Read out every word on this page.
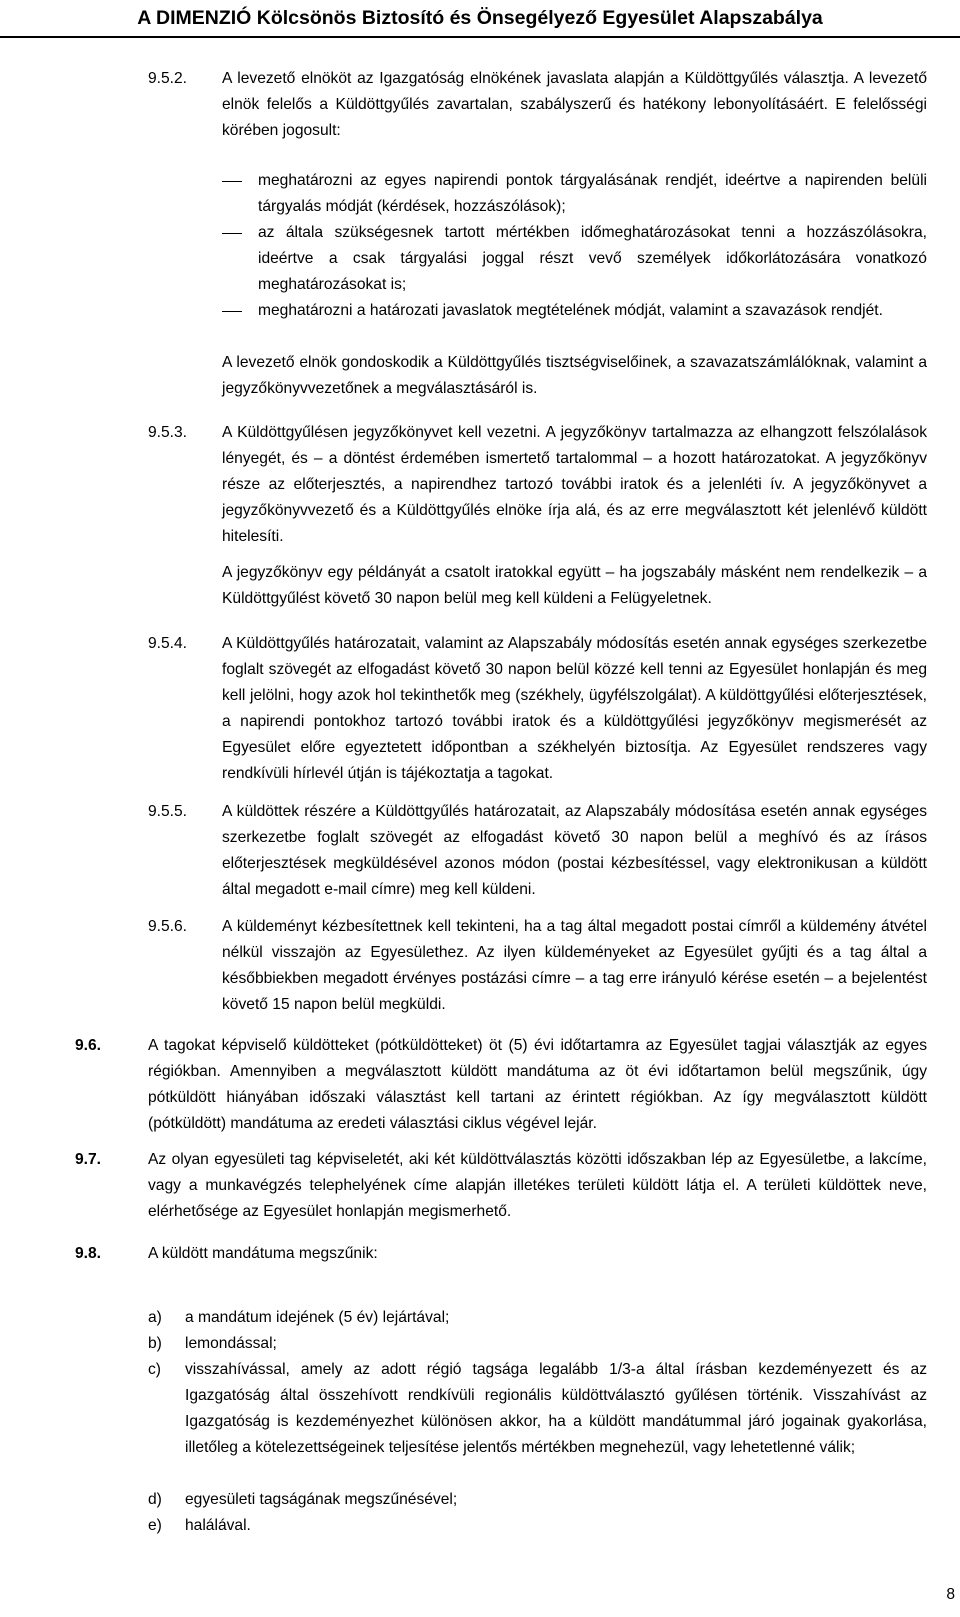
A DIMENZIÓ Kölcsönös Biztosító és Önsegélyező Egyesület Alapszabálya
9.5.2. A levezető elnököt az Igazgatóság elnökének javaslata alapján a Küldöttgyűlés választja. A levezető elnök felelős a Küldöttgyűlés zavartalan, szabályszerű és hatékony lebonyolításáért. E felelősségi körében jogosult:
meghatározni az egyes napirendi pontok tárgyalásának rendjét, ideértve a napirenden belüli tárgyalás módját (kérdések, hozzászólások);
az általa szükségesnek tartott mértékben időmeghatározásokat tenni a hozzászólásokra, ideértve a csak tárgyalási joggal részt vevő személyek időkorlátozására vonatkozó meghatározásokat is;
meghatározni a határozati javaslatok megtételének módját, valamint a szavazások rendjét.
A levezető elnök gondoskodik a Küldöttgyűlés tisztségviselőinek, a szavazatszámlálóknak, valamint a jegyzőkönyvvezetőnek a megválasztásáról is.
9.5.3. A Küldöttgyűlésen jegyzőkönyvet kell vezetni. A jegyzőkönyv tartalmazza az elhangzott felszólalások lényegét, és – a döntést érdemében ismertető tartalommal – a hozott határozatokat. A jegyzőkönyv része az előterjesztés, a napirendhez tartozó további iratok és a jelenléti ív. A jegyzőkönyvet a jegyzőkönyvvezető és a Küldöttgyűlés elnöke írja alá, és az erre megválasztott két jelenlévő küldött hitelesíti.
A jegyzőkönyv egy példányát a csatolt iratokkal együtt – ha jogszabály másként nem rendelkezik – a Küldöttgyűlést követő 30 napon belül meg kell küldeni a Felügyeletnek.
9.5.4. A Küldöttgyűlés határozatait, valamint az Alapszabály módosítás esetén annak egységes szerkezetbe foglalt szövegét az elfogadást követő 30 napon belül közzé kell tenni az Egyesület honlapján és meg kell jelölni, hogy azok hol tekinthetők meg (székhely, ügyfélszolgálat). A küldöttgyűlési előterjesztések, a napirendi pontokhoz tartozó további iratok és a küldöttgyűlési jegyzőkönyv megismerését az Egyesület előre egyeztetett időpontban a székhelyén biztosítja. Az Egyesület rendszeres vagy rendkívüli hírlevél útján is tájékoztatja a tagokat.
9.5.5. A küldöttek részére a Küldöttgyűlés határozatait, az Alapszabály módosítása esetén annak egységes szerkezetbe foglalt szövegét az elfogadást követő 30 napon belül a meghívó és az írásos előterjesztések megküldésével azonos módon (postai kézbesítéssel, vagy elektronikusan a küldött által megadott e-mail címre) meg kell küldeni.
9.5.6. A küldeményt kézbesítettnek kell tekinteni, ha a tag által megadott postai címről a küldemény átvétel nélkül visszajön az Egyesülethez. Az ilyen küldeményeket az Egyesület gyűjti és a tag által a későbbiekben megadott érvényes postázási címre – a tag erre irányuló kérése esetén – a bejelentést követő 15 napon belül megküldi.
9.6.	A tagokat képviselő küldötteket (pótküldötteket) öt (5) évi időtartamra az Egyesület tagjai választják az egyes régiókban. Amennyiben a megválasztott küldött mandátuma az öt évi időtartamon belül megszűnik, úgy pótküldött hiányában időszaki választást kell tartani az érintett régiókban. Az így megválasztott küldött (pótküldött) mandátuma az eredeti választási ciklus végével lejár.
9.7.	Az olyan egyesületi tag képviseletét, aki két küldöttválasztás közötti időszakban lép az Egyesületbe, a lakcíme, vagy a munkavégzés telephelyének címe alapján illetékes területi küldött látja el. A területi küldöttek neve, elérhetősége az Egyesület honlapján megismerhető.
9.8.	A küldött mandátuma megszűnik:
a) a mandátum idejének (5 év) lejártával;
b) lemondással;
c) visszahívással, amely az adott régió tagsága legalább 1/3-a által írásban kezdeményezett és az Igazgatóság által összehívott rendkívüli regionális küldöttválasztó gyűlésen történik. Visszahívást az Igazgatóság is kezdeményezhet különösen akkor, ha a küldött mandátummal járó jogainak gyakorlása, illetőleg a kötelezettségeinek teljesítése jelentős mértékben megnehezül, vagy lehetetlenné válik;
d) egyesületi tagságának megszűnésével;
e) halálával.
8
